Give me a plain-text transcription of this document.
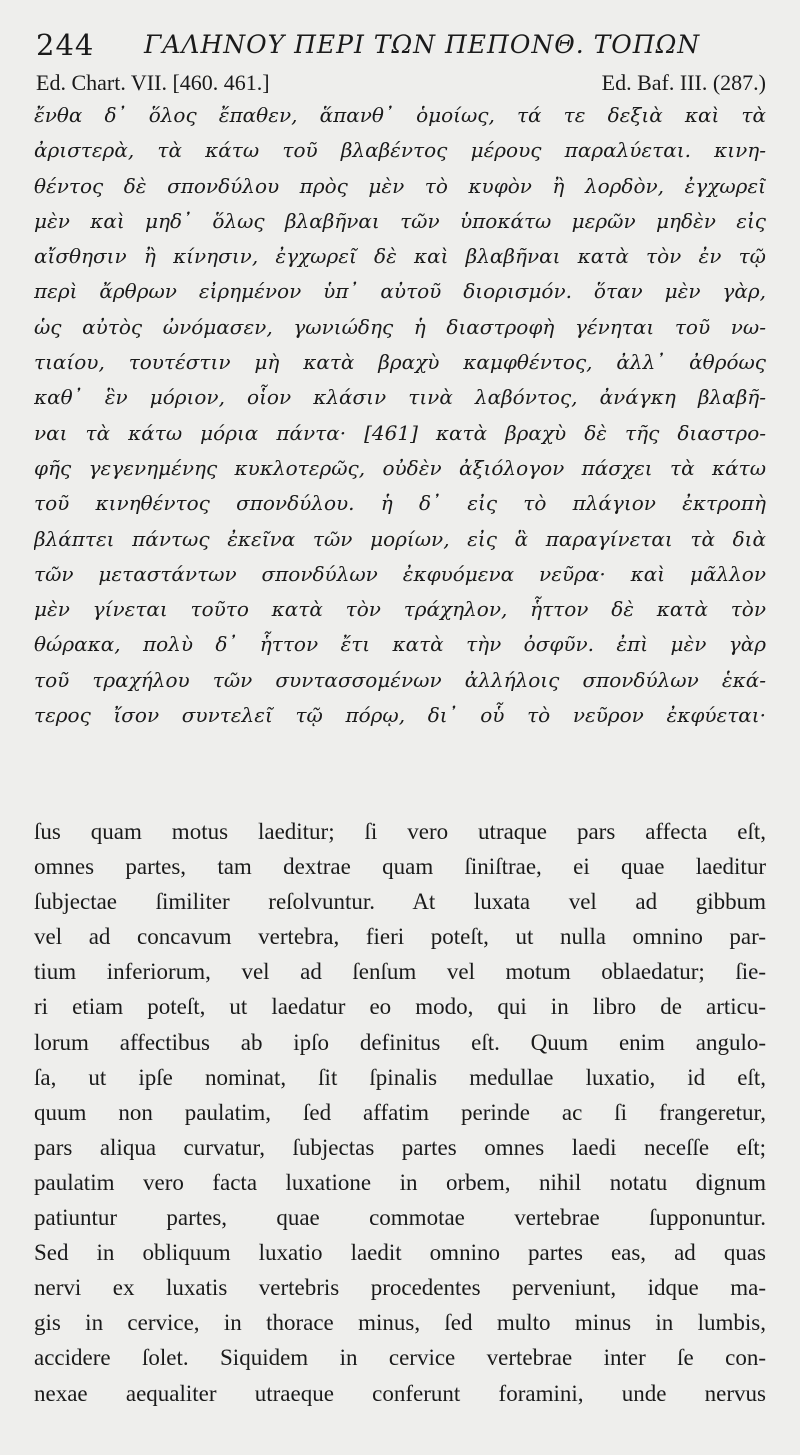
244 ΓΑΛΗΝΟΥ ΠΕΡΙ ΤΩΝ ΠΕΠΟΝΘ. ΤΟΠΩΝ
Ed. Chart. VII. [460. 461.]	Ed. Baf. III. (287.)
ἔνθα δ᾽ ὅλος ἔπαθεν, ἅπανθ᾽ ὁμοίως, τά τε δεξιὰ καὶ τὰ
ἀριστερὰ, τὰ κάτω τοῦ βλαβέντος μέρους παραλύεται. κινη-
θέντος δὲ σπονδύλου πρὸς μὲν τὸ κυφὸν ἢ λορδὸν, ἐγχωρεῖ
μὲν καὶ μηδ᾽ ὅλως βλαβῆναι τῶν ὑποκάτω μερῶν μηδὲν εἰς
αἴσθησιν ἢ κίνησιν, ἐγχωρεῖ δὲ καὶ βλαβῆναι κατὰ τὸν ἐν τῷ
περὶ ἄρθρων εἰρημένον ὑπ᾽ αὐτοῦ διορισμόν. ὅταν μὲν γὰρ,
ὡς αὐτὸς ὠνόμασεν, γωνιώδης ἡ διαστροφὴ γένηται τοῦ νω-
τιαίου, τουτέστιν μὴ κατὰ βραχὺ καμφθέντος, ἀλλ᾽ ἀθρόως
καθ᾽ ἓν μόριον, οἷον κλάσιν τινὰ λαβόντος, ἀνάγκη βλαβῆ-
ναι τὰ κάτω μόρια πάντα· [461] κατὰ βραχὺ δὲ τῆς διαστρο-
φῆς γεγενημένης κυκλοτερῶς, οὐδὲν ἀξιόλογον πάσχει τὰ κάτω
τοῦ κινηθέντος σπονδύλου. ἡ δ᾽ εἰς τὸ πλάγιον ἐκτροπὴ
βλάπτει πάντως ἐκεῖνα τῶν μορίων, εἰς ἃ παραγίνεται τὰ διὰ
τῶν μεταστάντων σπονδύλων ἐκφυόμενα νεῦρα· καὶ μᾶλλον
μὲν γίνεται τοῦτο κατὰ τὸν τράχηλον, ἧττον δὲ κατὰ τὸν
θώρακα, πολὺ δ᾽ ἧττον ἔτι κατὰ τὴν ὀσφῦν. ἐπὶ μὲν γὰρ
τοῦ τραχήλου τῶν συντασσομένων ἀλλήλοις σπονδύλων ἑκά-
τερος ἴσον συντελεῖ τῷ πόρῳ, δι᾽ οὗ τὸ νεῦρον ἐκφύεται·
ſus quam motus laeditur; ſi vero utraque pars affecta eſt,
omnes partes, tam dextrae quam ſiniſtrae, ei quae laeditur
ſubjectae ſimiliter reſolvuntur. At luxata vel ad gibbum
vel ad concavum vertebra, fieri poteſt, ut nulla omnino par-
tium inferiorum, vel ad ſenſum vel motum oblaedatur; ſie-
ri etiam poteſt, ut laedatur eo modo, qui in libro de articu-
lorum affectibus ab ipſo definitus eſt. Quum enim angulo-
ſa, ut ipſe nominat, ſit ſpinalis medullae luxatio, id eſt,
quum non paulatim, ſed affatim perinde ac ſi frangeretur,
pars aliqua curvatur, ſubjectas partes omnes laedi neceſſe eſt;
paulatim vero facta luxatione in orbem, nihil notatu dignum
patiuntur partes, quae commotae vertebrae ſupponuntur.
Sed in obliquum luxatio laedit omnino partes eas, ad quas
nervi ex luxatis vertebris procedentes perveniunt, idque ma-
gis in cervice, in thorace minus, ſed multo minus in lumbis,
accidere ſolet. Siquidem in cervice vertebrae inter ſe con-
nexae aequaliter utraeque conferunt foramini, unde nervus
